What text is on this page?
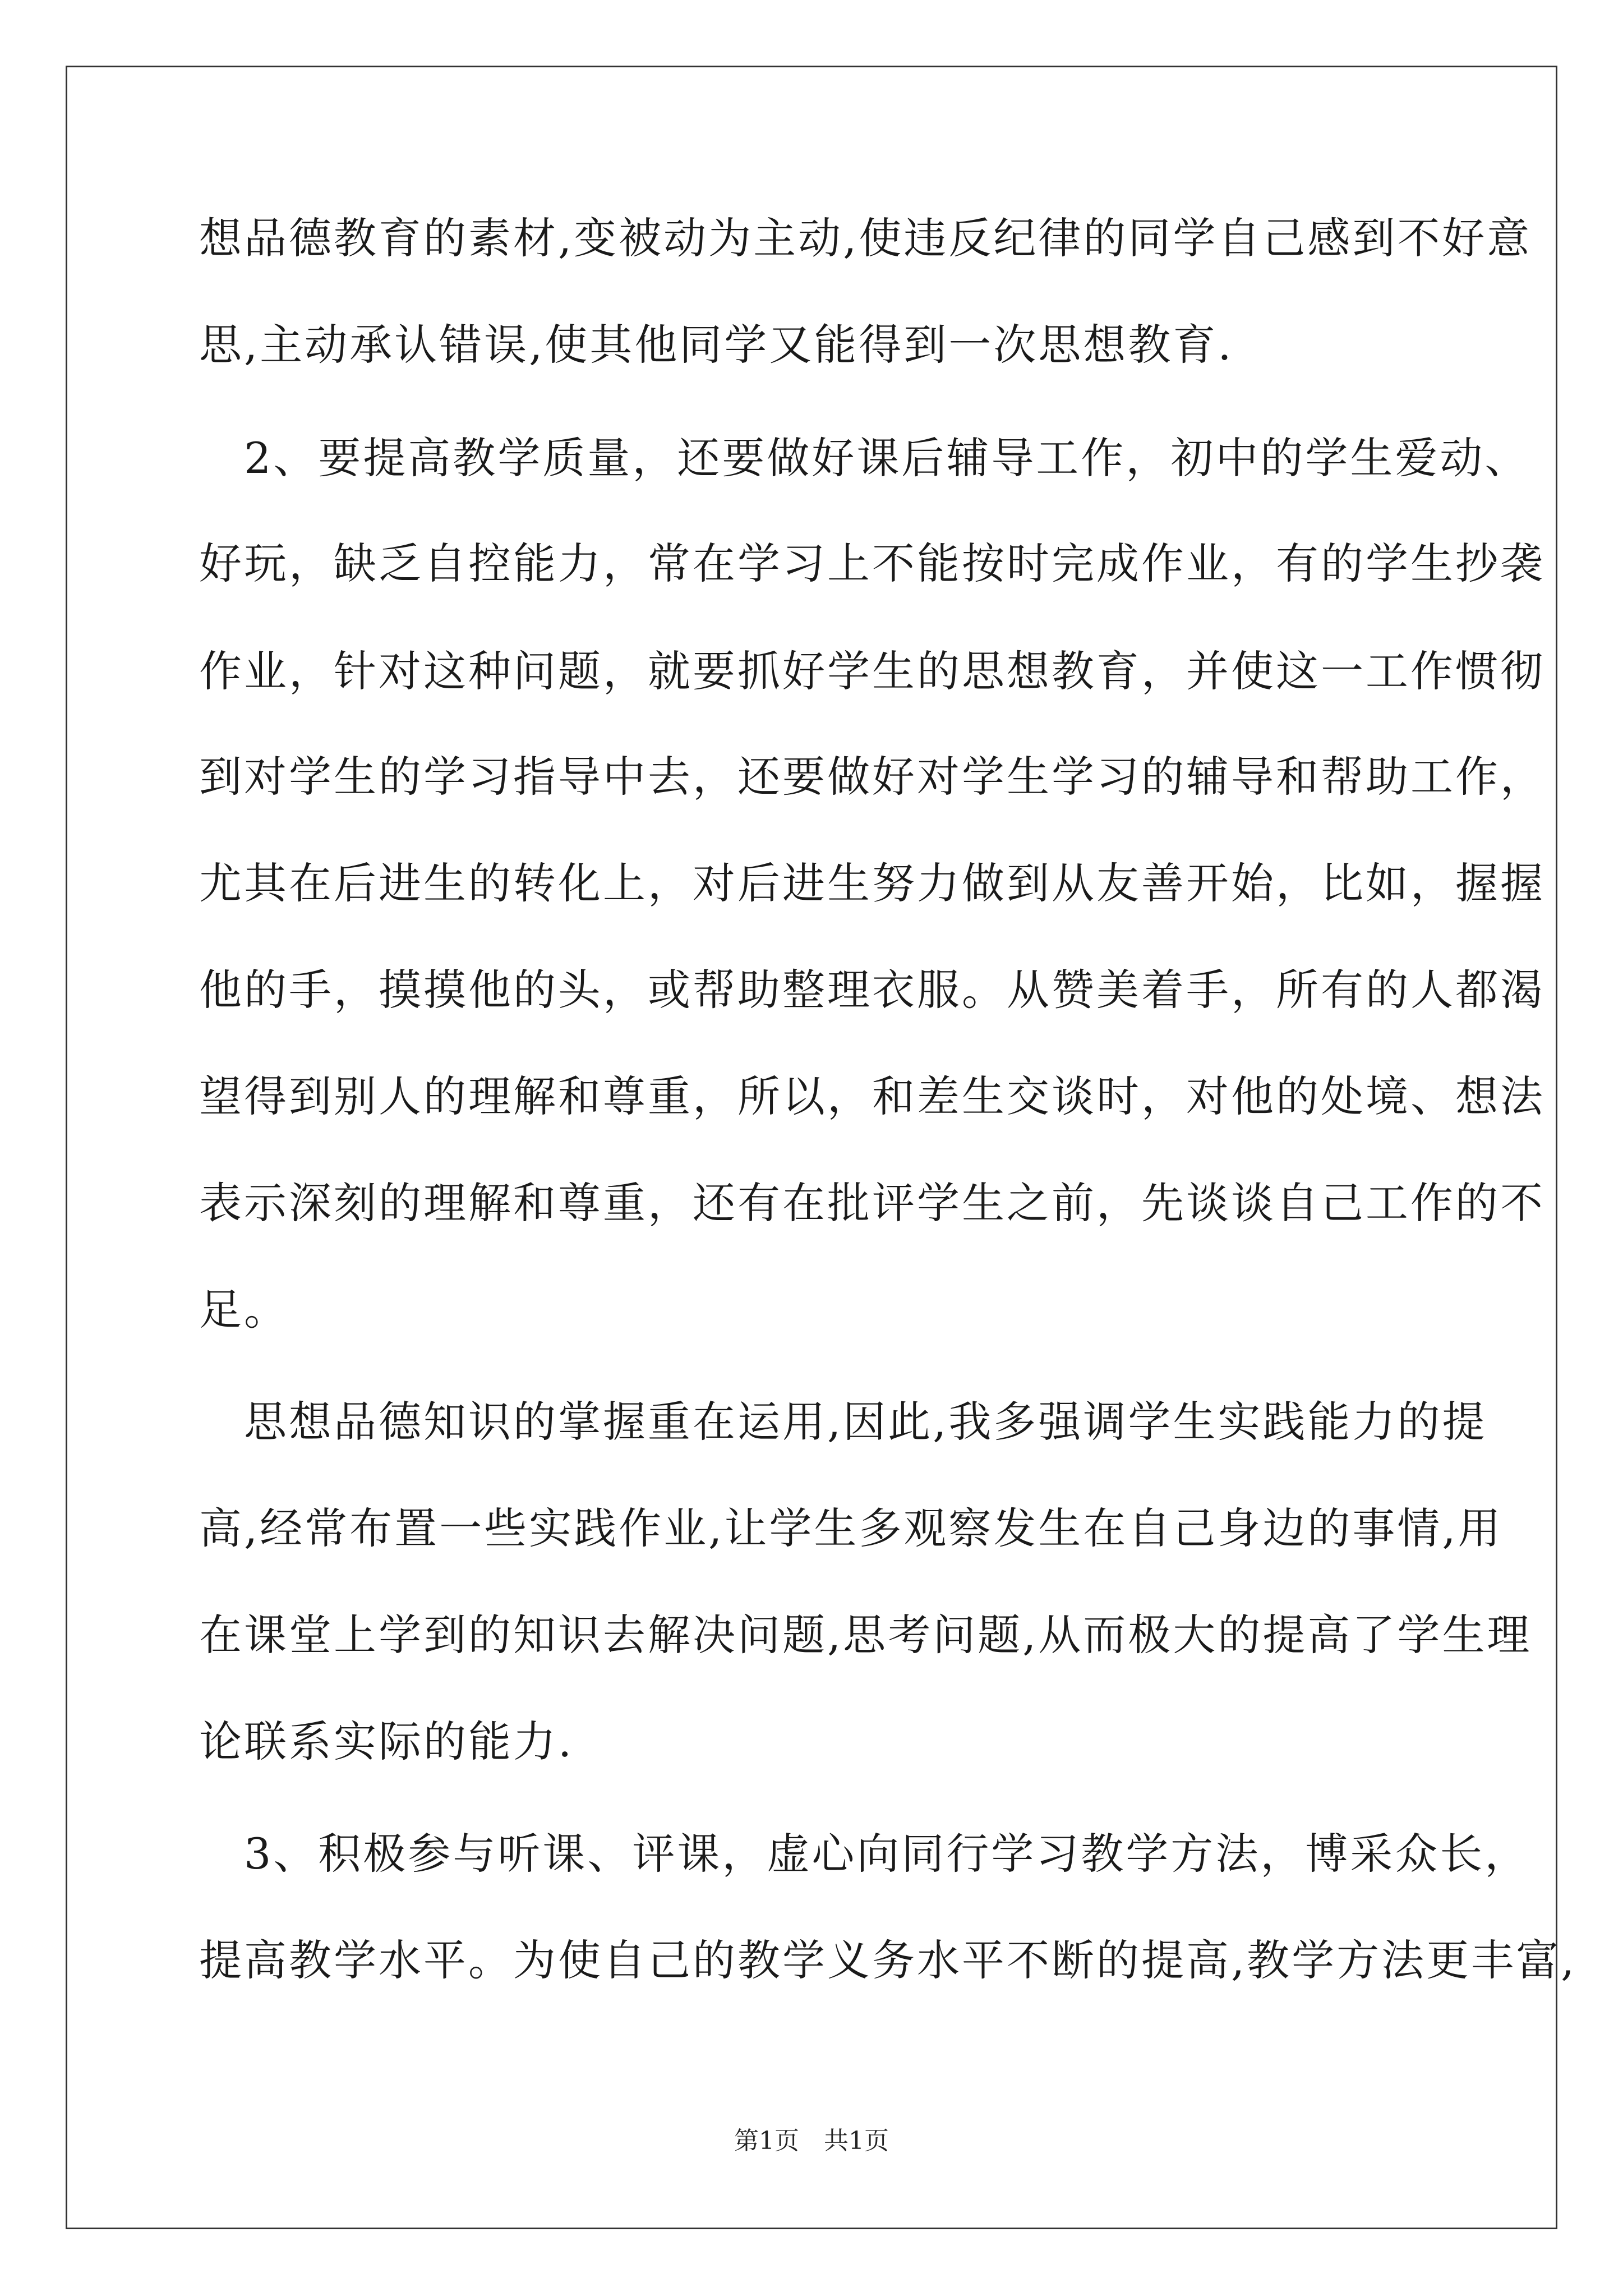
想品德教育的素材,变被动为主动,使违反纪律的同学自己感到不好意
思,主动承认错误,使其他同学又能得到一次思想教育.
　2、要提高教学质量，还要做好课后辅导工作，初中的学生爱动、
好玩，缺乏自控能力，常在学习上不能按时完成作业，有的学生抄袭
作业，针对这种问题，就要抓好学生的思想教育，并使这一工作惯彻
到对学生的学习指导中去，还要做好对学生学习的辅导和帮助工作，
尤其在后进生的转化上，对后进生努力做到从友善开始，比如，握握
他的手，摸摸他的头，或帮助整理衣服。从赞美着手，所有的人都渴
望得到别人的理解和尊重，所以，和差生交谈时，对他的处境、想法
表示深刻的理解和尊重，还有在批评学生之前，先谈谈自己工作的不
足。
　思想品德知识的掌握重在运用,因此,我多强调学生实践能力的提
高,经常布置一些实践作业,让学生多观察发生在自己身边的事情,用
在课堂上学到的知识去解决问题,思考问题,从而极大的提高了学生理
论联系实际的能力.
　3、积极参与听课、评课，虚心向同行学习教学方法，博采众长，
提高教学水平。为使自己的教学义务水平不断的提高,教学方法更丰富,
第1页　共1页
